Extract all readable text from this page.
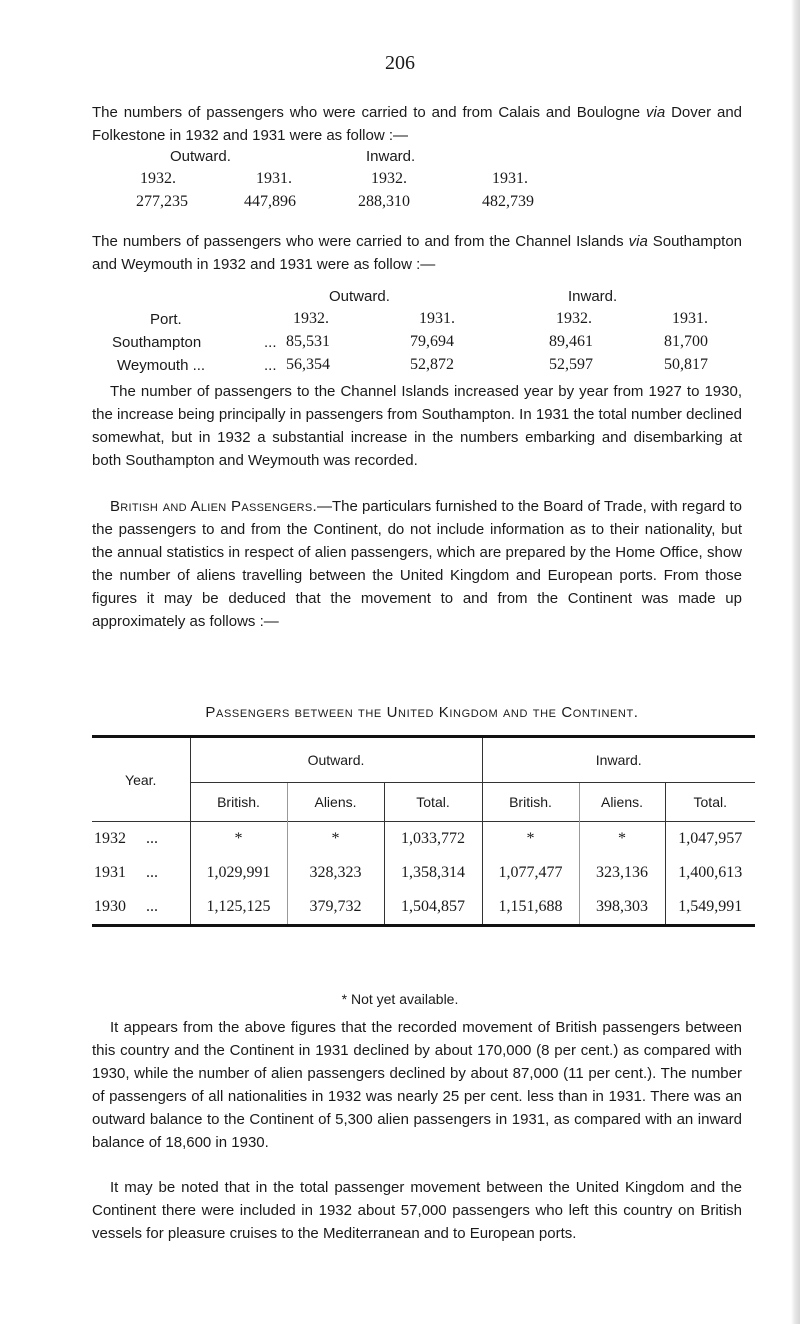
206

The numbers of passengers who were carried to and from Calais and Boulogne via Dover and Folkestone in 1932 and 1931 were as follow :—

Outward.	Inward.
1932.	1931.	1932.	1931.
277,235	447,896	288,310	482,739

The numbers of passengers who were carried to and from the Channel Islands via Southampton and Weymouth in 1932 and 1931 were as follow :—

Outward.	Inward.
Port.	1932.	1931.	1932.	1931.
Southampton	... 85,531	79,694	89,461	81,700
Weymouth ...	... 56,354	52,872	52,597	50,817

The number of passengers to the Channel Islands increased year by year from 1927 to 1930, the increase being principally in passengers from Southampton. In 1931 the total number declined somewhat, but in 1932 a substantial increase in the numbers embarking and disembarking at both Southampton and Weymouth was recorded.

British and Alien Passengers.—The particulars furnished to the Board of Trade, with regard to the passengers to and from the Continent, do not include information as to their nationality, but the annual statistics in respect of alien passengers, which are prepared by the Home Office, show the number of aliens travelling between the United Kingdom and European ports. From those figures it may be deduced that the movement to and from the Continent was made up approximately as follows :—

Passengers between the United Kingdom and the Continent.
Year.	Outward.			Inward.		
	British.	Aliens.	Total.	British.	Aliens.	Total.
1932 ...	*	*	1,033,772	*	*	1,047,957
1931 ...	1,029,991	328,323	1,358,314	1,077,477	323,136	1,400,613
1930 ...	1,125,125	379,732	1,504,857	1,151,688	398,303	1,549,991
* Not yet available.

It appears from the above figures that the recorded movement of British passengers between this country and the Continent in 1931 declined by about 170,000 (8 per cent.) as compared with 1930, while the number of alien passengers declined by about 87,000 (11 per cent.). The number of passengers of all nationalities in 1932 was nearly 25 per cent. less than in 1931. There was an outward balance to the Continent of 5,300 alien passengers in 1931, as compared with an inward balance of 18,600 in 1930.

It may be noted that in the total passenger movement between the United Kingdom and the Continent there were included in 1932 about 57,000 passengers who left this country on British vessels for pleasure cruises to the Mediterranean and to European ports.
